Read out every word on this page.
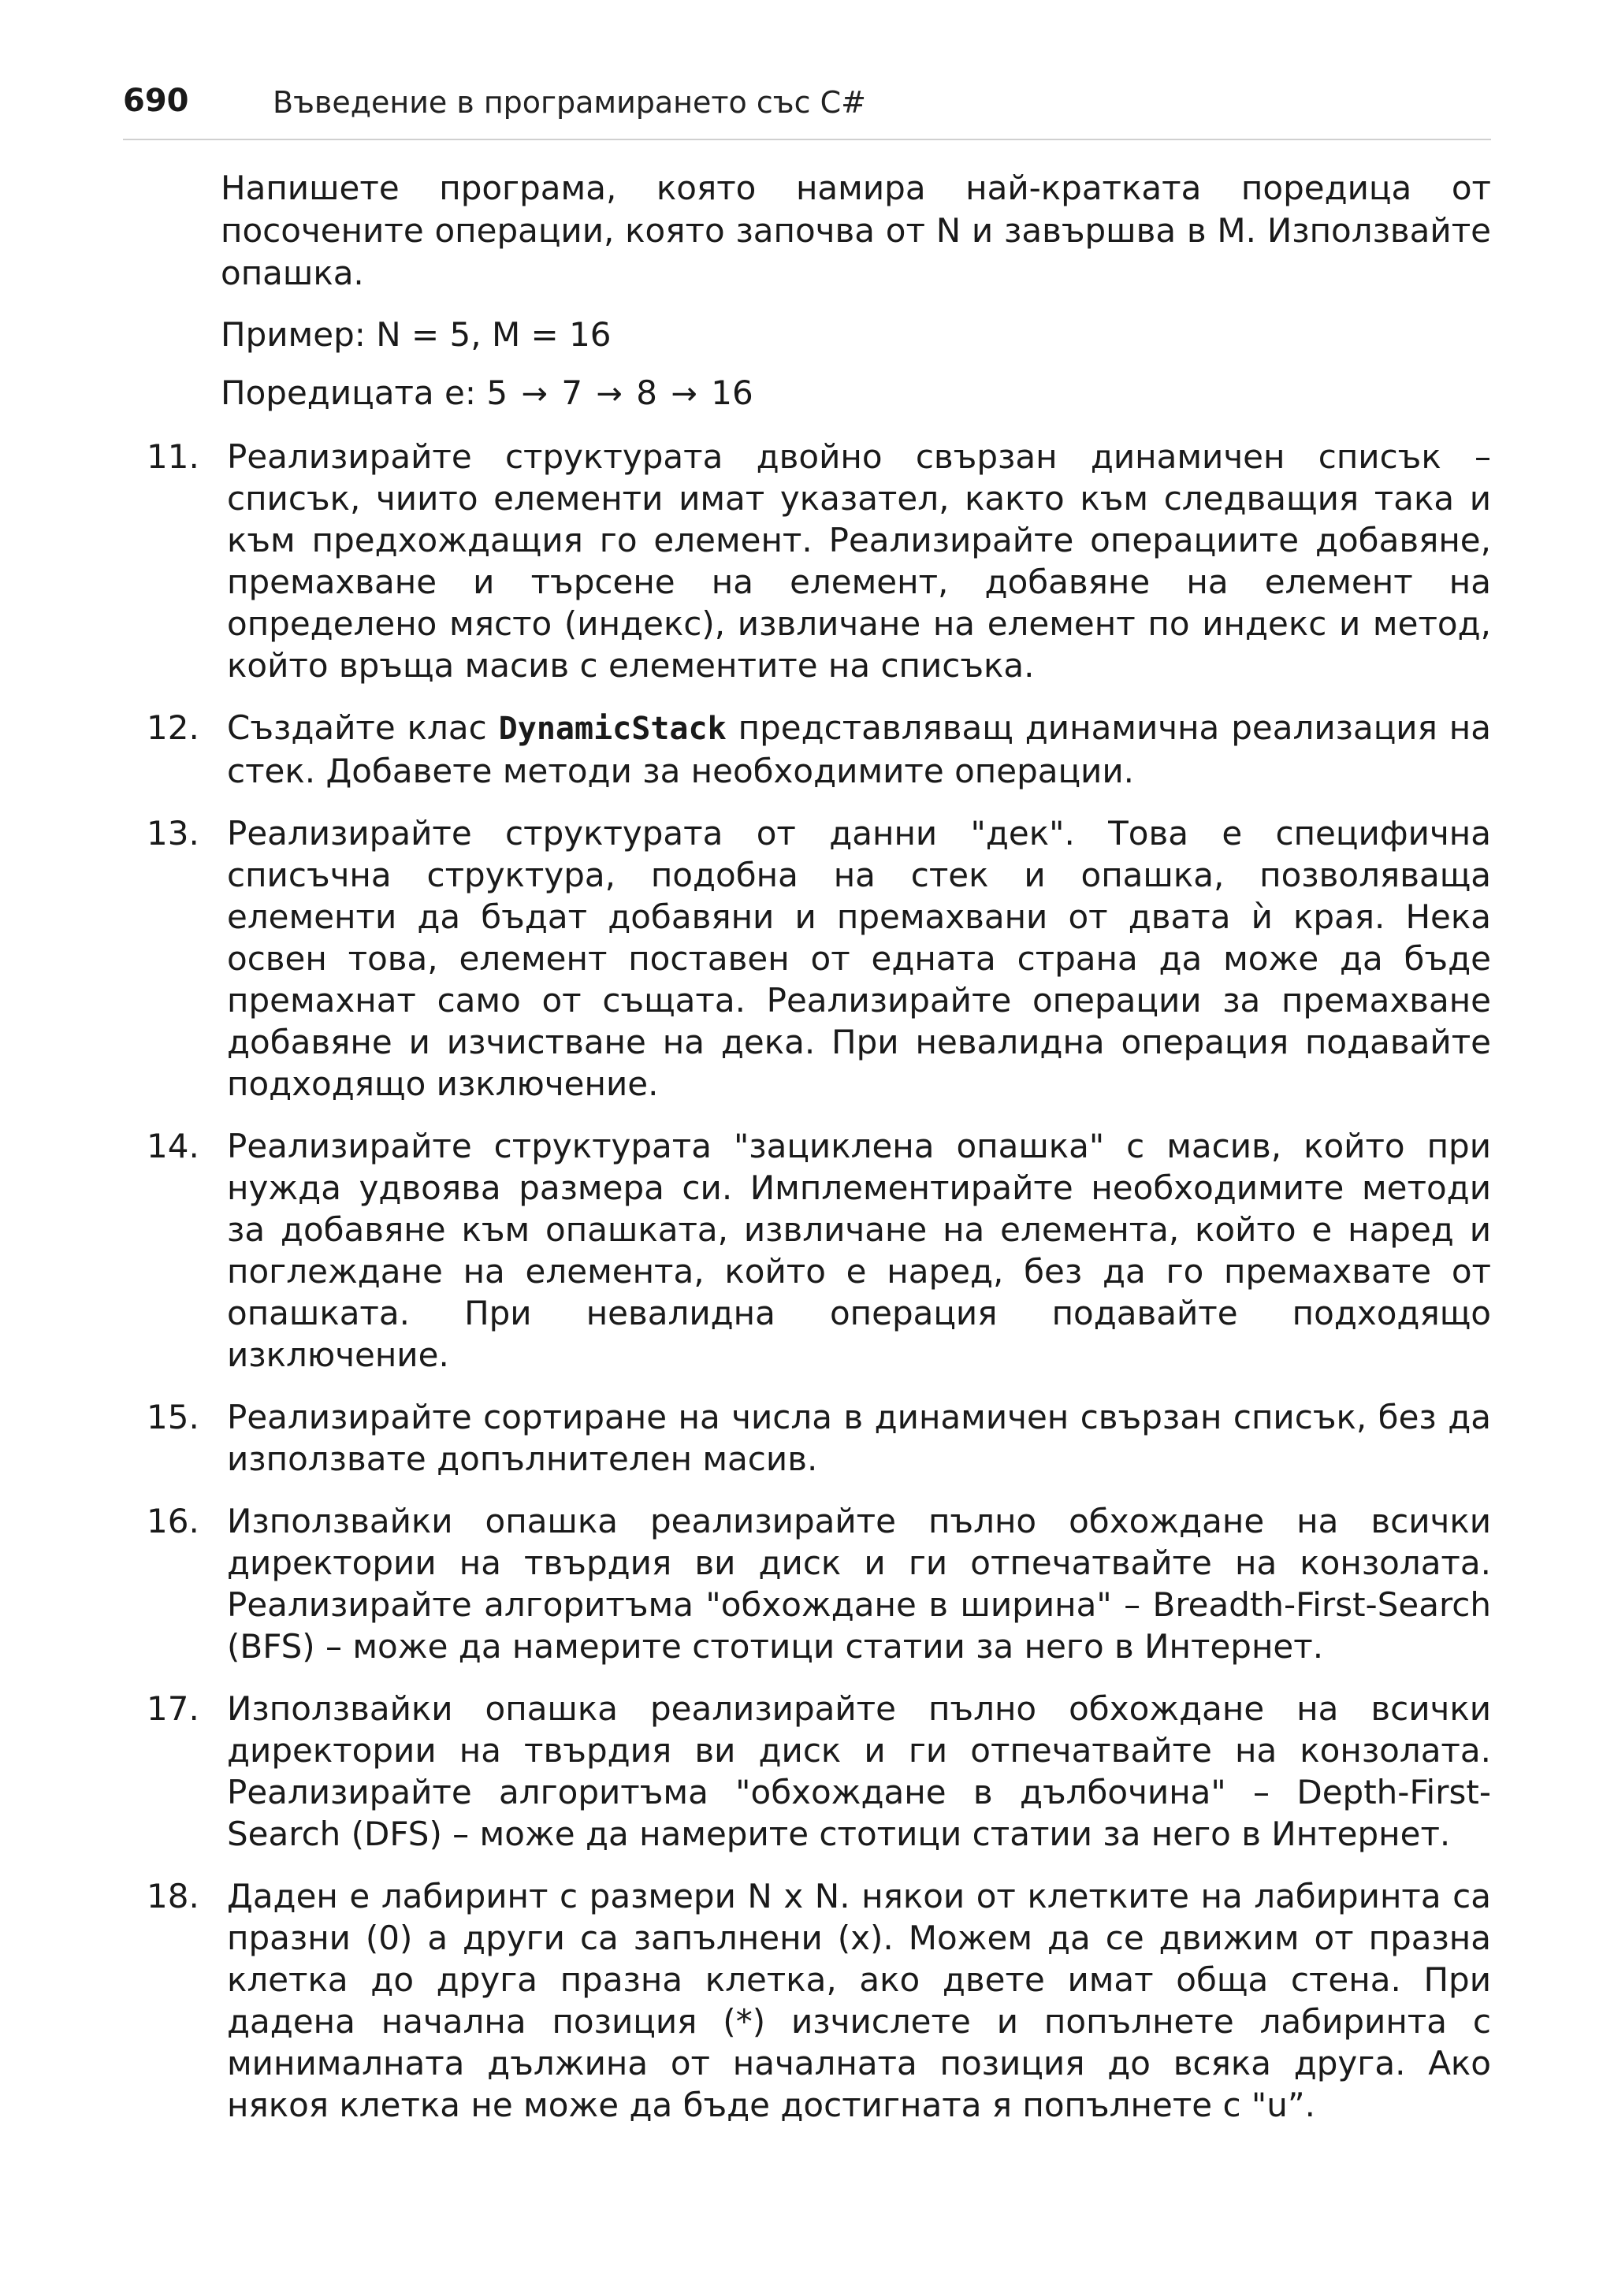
690	Въведение в програмирането със C#

Напишете програма, която намира най-кратката поредица от посочените операции, която започва от N и завършва в M. Използвайте опашка.

Пример: N = 5, M = 16

Поредицата е: 5 → 7 → 8 → 16

11. Реализирайте структурата двойно свързан динамичен списък – списък, чиито елементи имат указател, както към следващия така и към предхождащия го елемент. Реализирайте операциите добавяне, премахване и търсене на елемент, добавяне на елемент на определено място (индекс), извличане на елемент по индекс и метод, който връща масив с елементите на списъка.
12. Създайте клас DynamicStack представляващ динамична реализация на стек. Добавете методи за необходимите операции.
13. Реализирайте структурата от данни "дек". Това е специфична списъчна структура, подобна на стек и опашка, позволяваща елементи да бъдат добавяни и премахвани от двата ѝ края. Нека освен това, елемент поставен от едната страна да може да бъде премахнат само от същата. Реализирайте операции за премахване добавяне и изчистване на дека. При невалидна операция подавайте подходящо изключение.
14. Реализирайте структурата "зациклена опашка" с масив, който при нужда удвоява размера си. Имплементирайте необходимите методи за добавяне към опашката, извличане на елемента, който е наред и поглеждане на елемента, който е наред, без да го премахвате от опашката. При невалидна операция подавайте подходящо изключение.
15. Реализирайте сортиране на числа в динамичен свързан списък, без да използвате допълнителен масив.
16. Използвайки опашка реализирайте пълно обхождане на всички директории на твърдия ви диск и ги отпечатвайте на конзолата. Реализирайте алгоритъма "обхождане в ширина" – Breadth-First-Search (BFS) – може да намерите стотици статии за него в Интернет.
17. Използвайки опашка реализирайте пълно обхождане на всички директории на твърдия ви диск и ги отпечатвайте на конзолата. Реализирайте алгоритъма "обхождане в дълбочина" – Depth-First-Search (DFS) – може да намерите стотици статии за него в Интернет.
18. Даден е лабиринт с размери N x N. някои от клетките на лабиринта са празни (0) а други са запълнени (x). Можем да се движим от празна клетка до друга празна клетка, ако двете имат обща стена. При дадена начална позиция (*) изчислете и попълнете лабиринта с минималната дължина от началната позиция до всяка друга. Ако някоя клетка не може да бъде достигната я попълнете с "u”.
